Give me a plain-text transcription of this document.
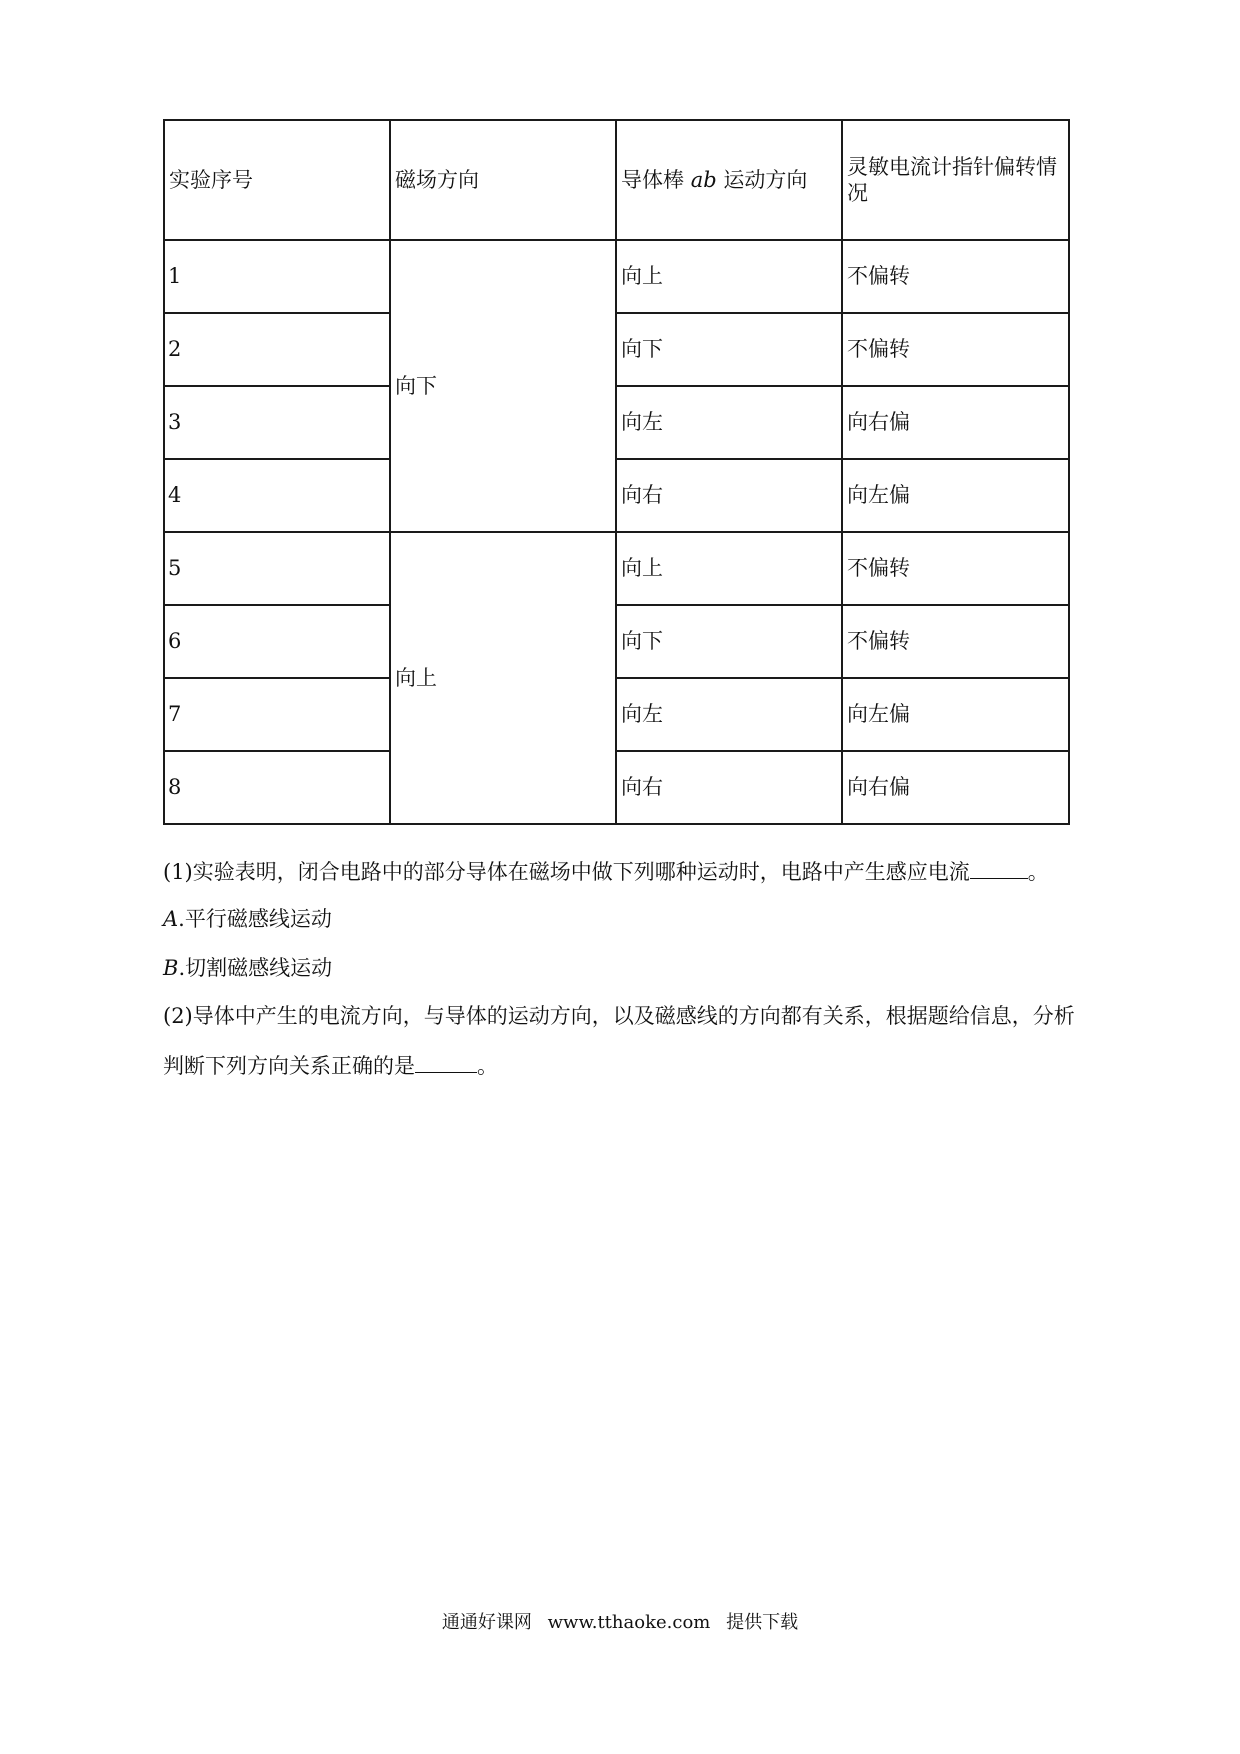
实验序号	磁场方向	导体棒 ab 运动方向	灵敏电流计指针偏转情况
1	向下	向上	不偏转
2		向下	不偏转
3		向左	向右偏
4		向右	向左偏
5	向上	向上	不偏转
6		向下	不偏转
7		向左	向左偏
8		向右	向右偏
(1)实验表明，闭合电路中的部分导体在磁场中做下列哪种运动时，电路中产生感应电流	。
A.平行磁感线运动
B.切割磁感线运动
(2)导体中产生的电流方向，与导体的运动方向，以及磁感线的方向都有关系，根据题给信息，分析
判断下列方向关系正确的是	。
通通好课网 www.tthaoke.com 提供下载
